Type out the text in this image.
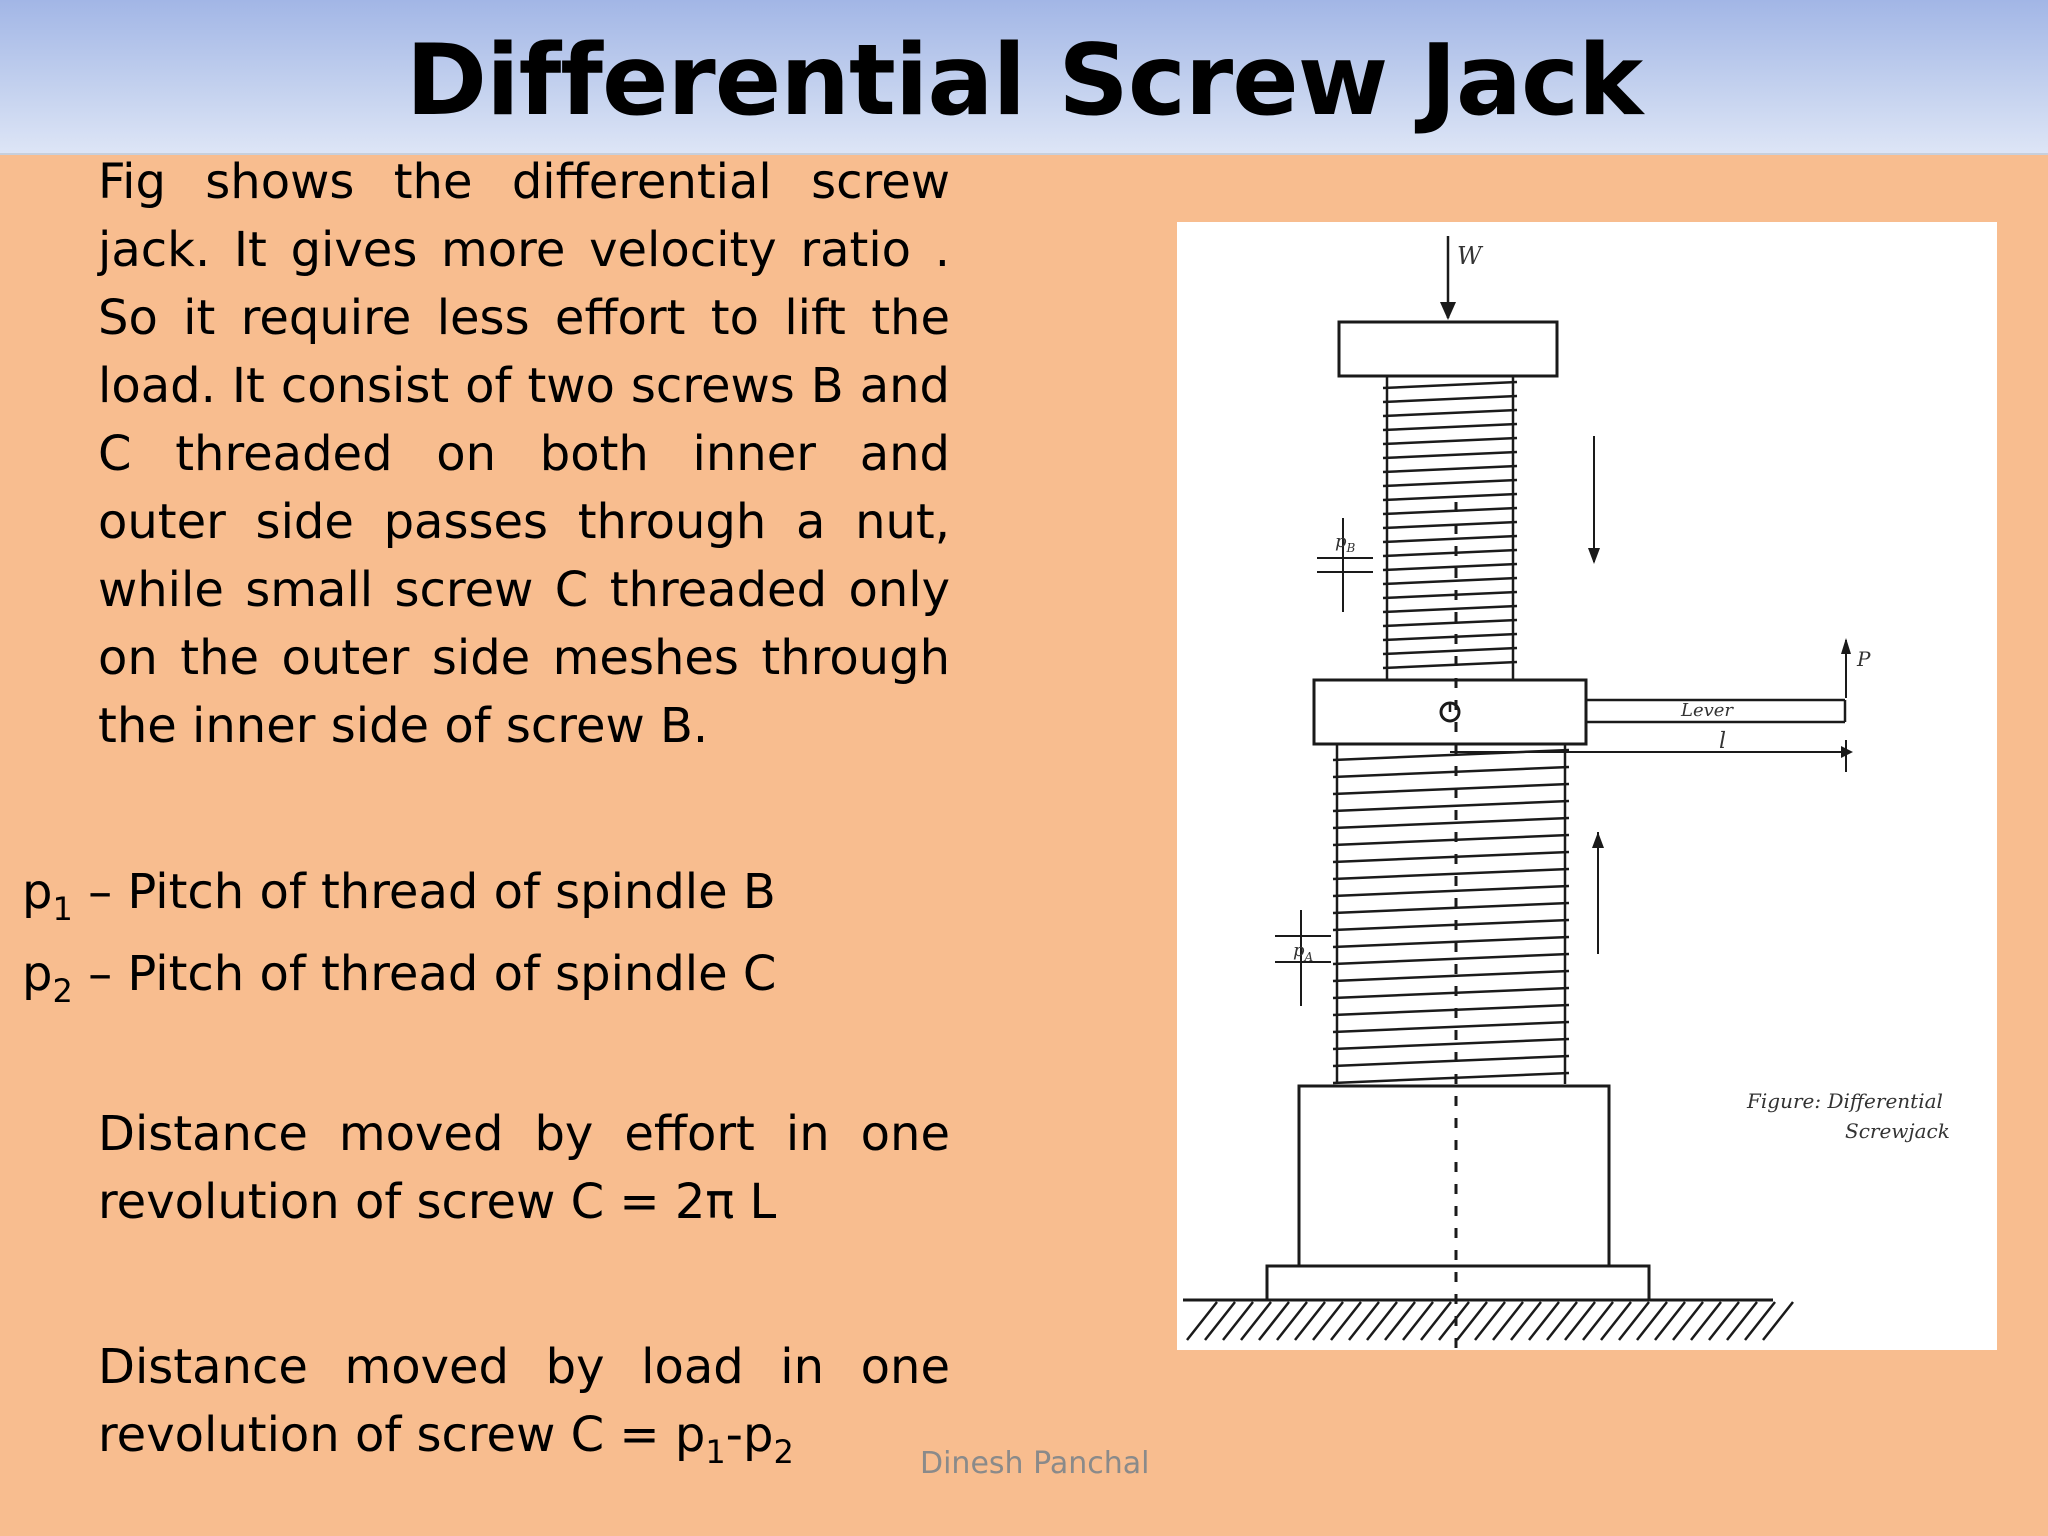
Differential Screw Jack

Fig shows the differential screw jack. It gives more velocity ratio . So it require less effort to lift the load. It consist of two screws B and C threaded on both inner and outer side passes through a nut, while small screw C threaded only on the outer side meshes through the inner side of screw B.

$p_1$ – Pitch of thread of spindle B

$p_2$ – Pitch of thread of spindle C

Distance moved by effort in one revolution of screw C = 2π L

Distance moved by load in one revolution of screw $C = p_1-p_2$	Dinesh Panchal
W
P
Lever
l
$p_B$
$p_A$
Figure: Differential
Screwjack
